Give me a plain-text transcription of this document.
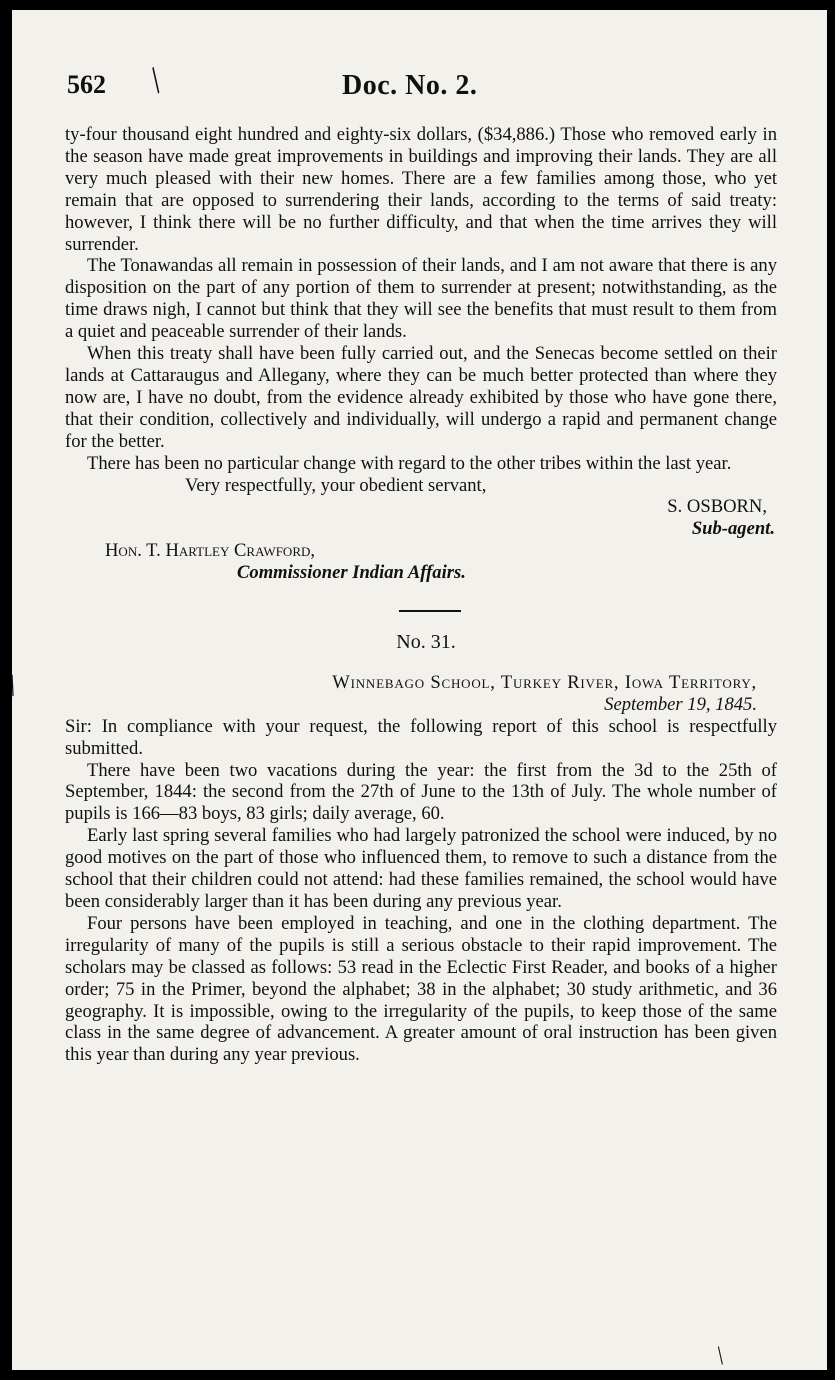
562	Doc. No. 2.

ty-four thousand eight hundred and eighty-six dollars, ($34,886.) Those who removed early in the season have made great improvements in buildings and improving their lands. They are all very much pleased with their new homes. There are a few families among those, who yet remain that are opposed to surrendering their lands, according to the terms of said treaty: however, I think there will be no further difficulty, and that when the time arrives they will surrender.

The Tonawandas all remain in possession of their lands, and I am not aware that there is any disposition on the part of any portion of them to surrender at present; notwithstanding, as the time draws nigh, I cannot but think that they will see the benefits that must result to them from a quiet and peaceable surrender of their lands.

When this treaty shall have been fully carried out, and the Senecas become settled on their lands at Cattaraugus and Allegany, where they can be much better protected than where they now are, I have no doubt, from the evidence already exhibited by those who have gone there, that their condition, collectively and individually, will undergo a rapid and permanent change for the better.

There has been no particular change with regard to the other tribes within the last year.

Very respectfully, your obedient servant,

S. OSBORN,

Sub-agent.

Hon. T. Hartley Crawford,

Commissioner Indian Affairs.

No. 31.

Winnebago School, Turkey River, Iowa Territory,

September 19, 1845.

Sir: In compliance with your request, the following report of this school is respectfully submitted.

There have been two vacations during the year: the first from the 3d to the 25th of September, 1844: the second from the 27th of June to the 13th of July. The whole number of pupils is 166—83 boys, 83 girls; daily average, 60.

Early last spring several families who had largely patronized the school were induced, by no good motives on the part of those who influenced them, to remove to such a distance from the school that their children could not attend: had these families remained, the school would have been considerably larger than it has been during any previous year.

Four persons have been employed in teaching, and one in the clothing department. The irregularity of many of the pupils is still a serious obstacle to their rapid improvement. The scholars may be classed as follows: 53 read in the Eclectic First Reader, and books of a higher order; 75 in the Primer, beyond the alphabet; 38 in the alphabet; 30 study arithmetic, and 36 geography. It is impossible, owing to the irregularity of the pupils, to keep those of the same class in the same degree of advancement. A greater amount of oral instruction has been given this year than during any year previous.

╱
╱
╱
